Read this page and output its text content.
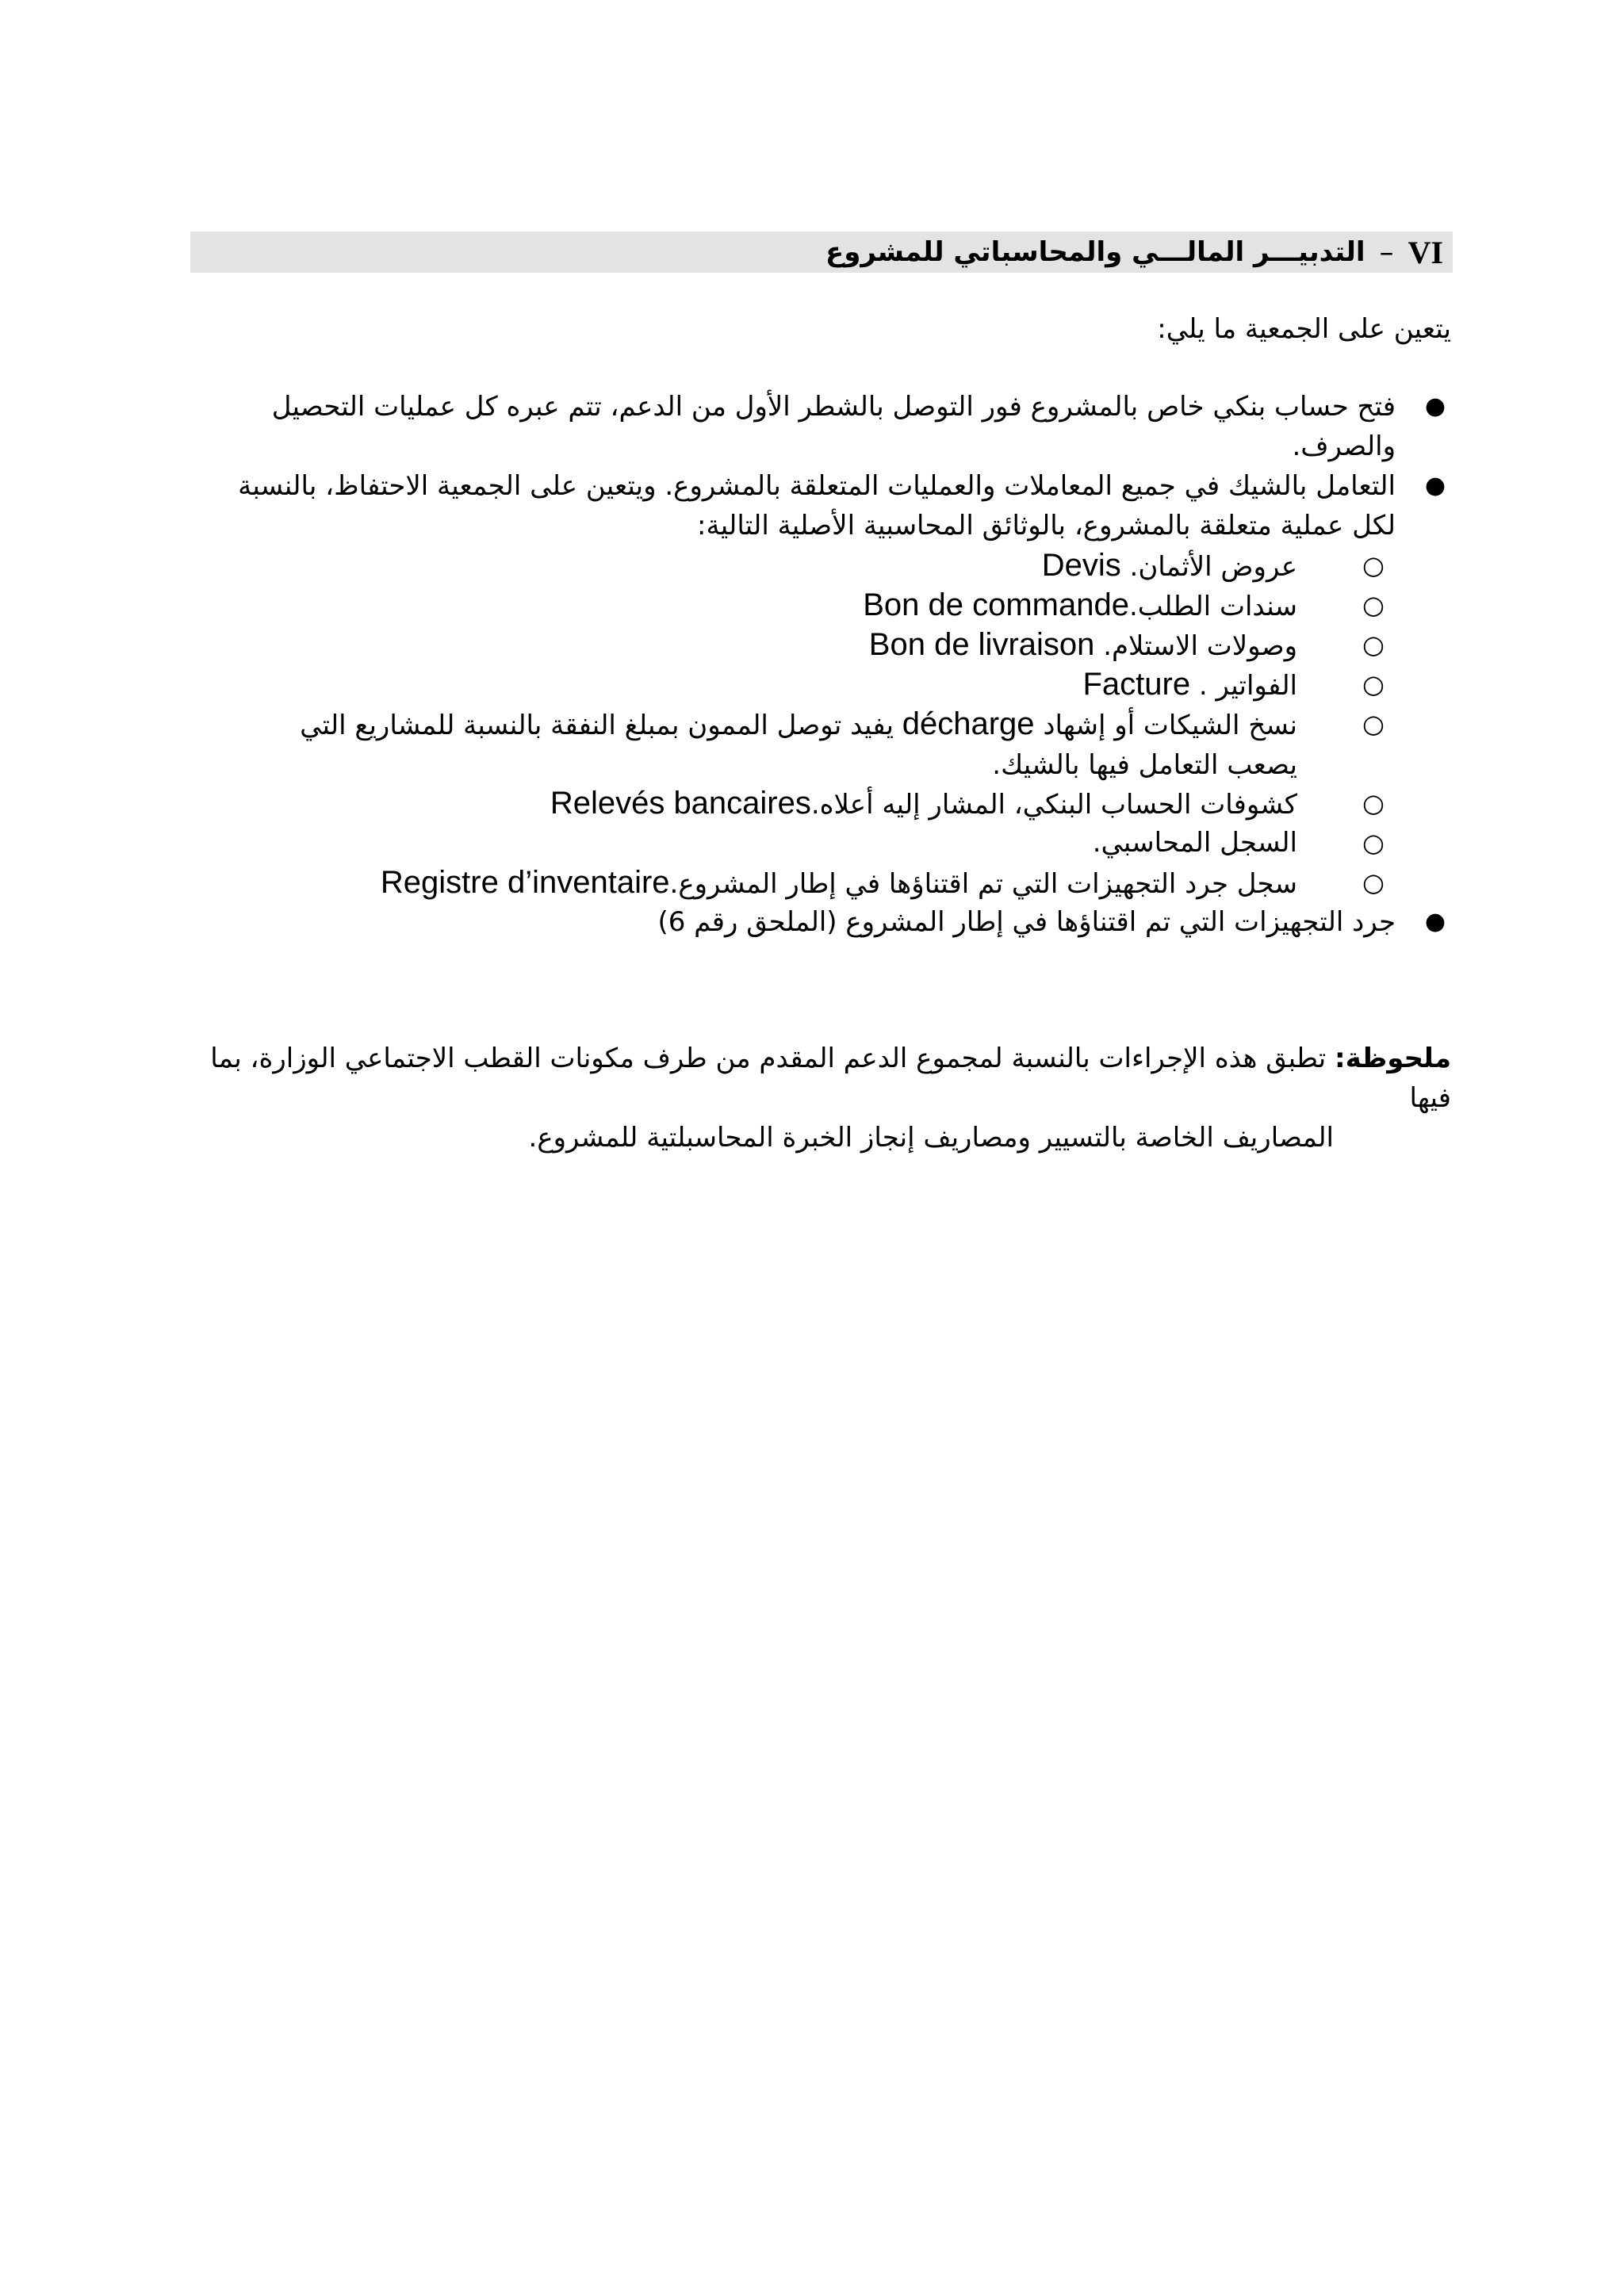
VI
–
التدبيـــر المالـــي والمحاسباتي للمشروع
يتعين على الجمعية ما يلي:
●
فتح حساب بنكي خاص بالمشروع فور التوصل بالشطر الأول من الدعم، تتم عبره كل عمليات التحصيل
والصرف.
●
التعامل بالشيك في جميع المعاملات والعمليات المتعلقة بالمشروع. ويتعين على الجمعية الاحتفاظ، بالنسبة
لكل عملية متعلقة بالمشروع، بالوثائق المحاسبية الأصلية التالية:
○
عروض الأثمان. Devis
○
سندات الطلب.Bon de commande
○
وصولات الاستلام. Bon de livraison
○
الفواتير . Facture
○
نسخ الشيكات أو إشهاد décharge يفيد توصل الممون بمبلغ النفقة بالنسبة للمشاريع التي
يصعب التعامل فيها بالشيك.
○
كشوفات الحساب البنكي، المشار إليه أعلاه.Relevés bancaires
○
السجل المحاسبي.
○
سجل جرد التجهيزات التي تم اقتناؤها في إطار المشروع.Registre d’inventaire
●
جرد التجهيزات التي تم اقتناؤها في إطار المشروع (الملحق رقم 6)
ملحوظة: تطبق هذه الإجراءات بالنسبة لمجموع الدعم المقدم من طرف مكونات القطب الاجتماعي الوزارة، بما فيها
المصاريف الخاصة بالتسيير ومصاريف إنجاز الخبرة المحاسبلتية للمشروع.
